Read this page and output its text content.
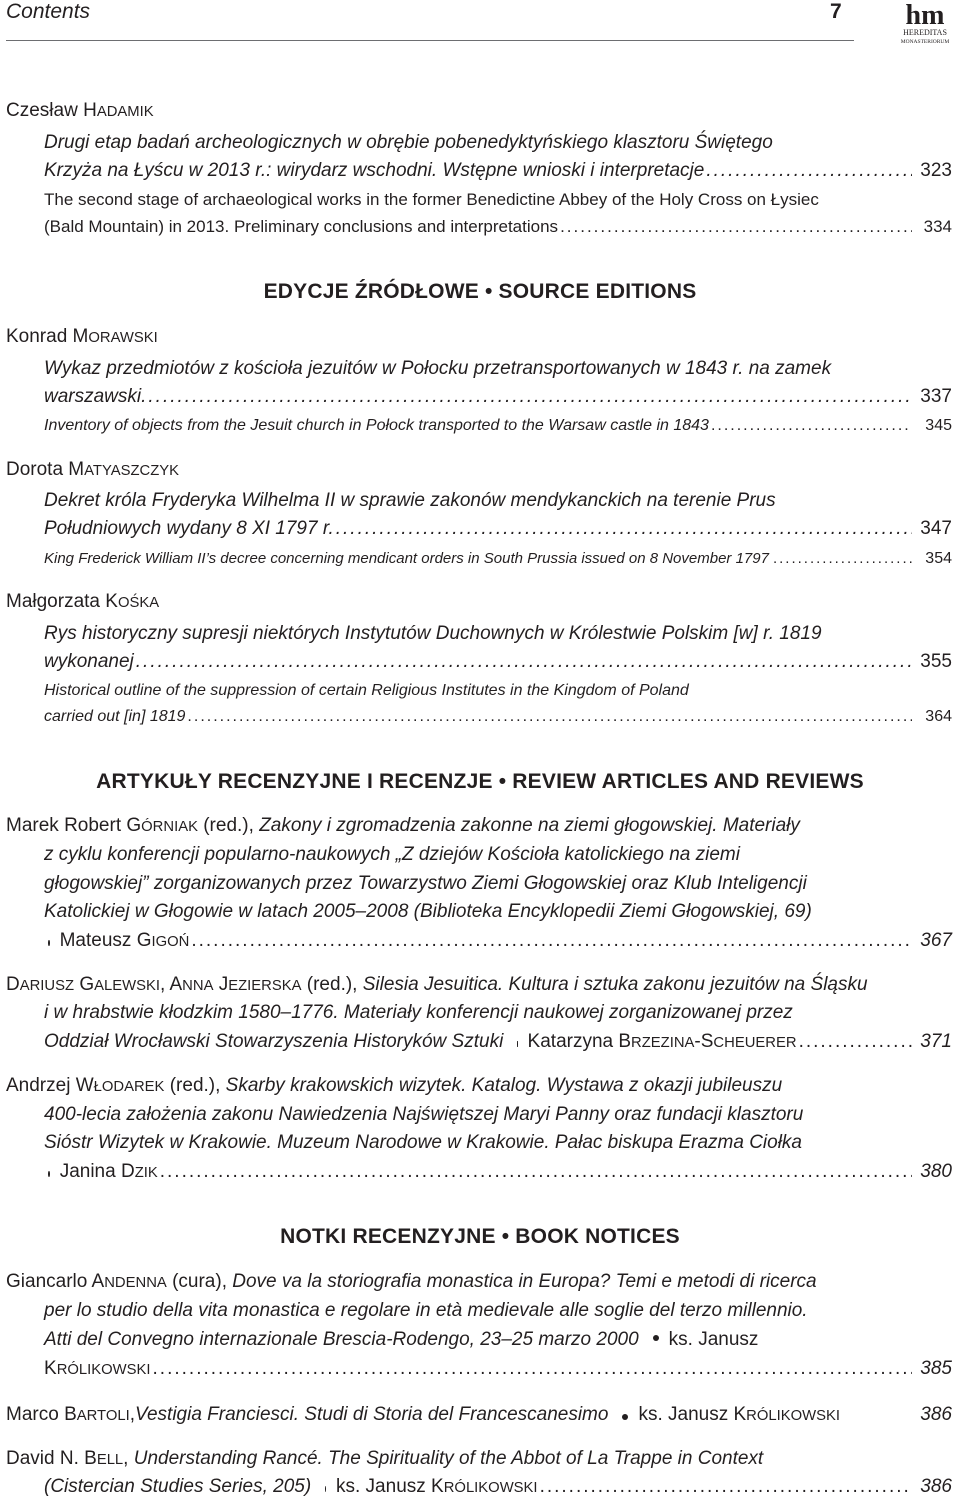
Contents	7 hm
HEREDITAS
MONASTERIORUM
Czesław HADAMIK
Drugi etap badań archeologicznych w obrębie pobenedyktyńskiego klasztoru Świętego
Krzyża na Łyścu w 2013 r.: wirydarz wschodni. Wstępne wnioski i interpretacje .....	323
The second stage of archaeological works in the former Benedictine Abbey of the Holy Cross on Łysiec
(Bald Mountain) in 2013. Preliminary conclusions and interpretations .....	334
EDYCJE ŹRÓDŁOWE • SOURCE EDITIONS
Konrad MORAWSKI
Wykaz przedmiotów z kościoła jezuitów w Połocku przetransportowanych w 1843 r. na zamek
warszawski. .....	337
Inventory of objects from the Jesuit church in Połock transported to the Warsaw castle in 1843 .....	345
Dorota MATYASZCZYK
Dekret króla Fryderyka Wilhelma II w sprawie zakonów mendykanckich na terenie Prus
Południowych wydany 8 XI 1797 r. .....	347
King Frederick William II’s decree concerning mendicant orders in South Prussia issued on 8 November 1797 .....	354
Małgorzata KOŚKA
Rys historyczny supresji niektórych Instytutów Duchownych w Królestwie Polskim [w] r. 1819
wykonanej .....	355
Historical outline of the suppression of certain Religious Institutes in the Kingdom of Poland
carried out [in] 1819 .....	364
ARTYKUŁY RECENZYJNE I RECENZJE • REVIEW ARTICLES AND REVIEWS
Marek Robert GÓRNIAK (red.), Zakony i zgromadzenia zakonne na ziemi głogowskiej. Materiały
z cyklu konferencji popularno-naukowych „Z dziejów Kościoła katolickiego na ziemi
głogowskiej” zorganizowanych przez Towarzystwo Ziemi Głogowskiej oraz Klub Inteligencji
Katolickiej w Głogowie w latach 2005–2008 (Biblioteka Encyklopedii Ziemi Głogowskiej, 69)
Mateusz G IGOŃ .....	367
DARIUSZ GALEWSKI, ANNA JEZIERSKA (red.), Silesia Jesuitica. Kultura i sztuka zakonu jezuitów na Śląsku
i w hrabstwie kłodzkim 1580–1776. Materiały konferencji naukowej zorganizowanej przez
Oddział Wrocławski Stowarzyszenia Historyków Sztuki Katarzyna B RZEZINA -S CHEUERER .....	371
Andrzej WŁODAREK (red.), Skarby krakowskich wizytek. Katalog. Wystawa z okazji jubileuszu
400-lecia założenia zakonu Nawiedzenia Najświętszej Maryi Panny oraz fundacji klasztoru
Sióstr Wizytek w Krakowie. Muzeum Narodowe w Krakowie. Pałac biskupa Erazma Ciołka
Janina D ZIK .....	380
NOTKI RECENZYJNE • BOOK NOTICES
Giancarlo ANDENNA (cura), Dove va la storiografia monastica in Europa? Temi e metodi di ricerca
per lo studio della vita monastica e regolare in età medievale alle soglie del terzo millennio.
Atti del Convegno internazionale Brescia-Rodengo, 23–25 marzo 2000 ks. Janusz
K RÓLIKOWSKI .....	385
Marco B ARTOLI , Vestigia Franciesci. Studi di Storia del Francescanesimo ks. Janusz K RÓLIKOWSKI	386
David N. BELL, Understanding Rancé. The Spirituality of the Abbot of La Trappe in Context
(Cistercian Studies Series, 205) ks. Janusz K RÓLIKOWSKI .....	386
